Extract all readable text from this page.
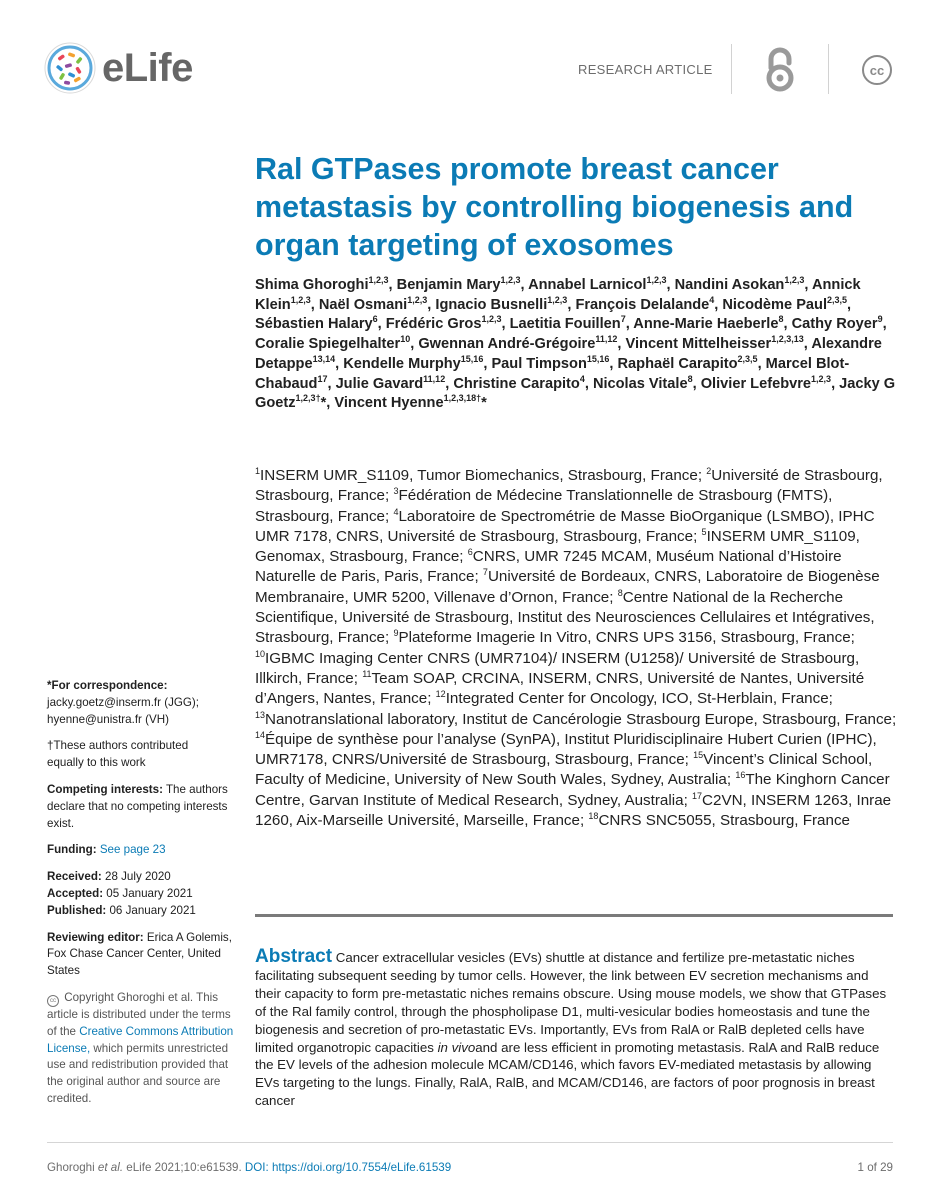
eLife	RESEARCH ARTICLE	cc
Ral GTPases promote breast cancer metastasis by controlling biogenesis and organ targeting of exosomes

Shima Ghoroghi$^{1,2,3}$, Benjamin Mary$^{1,2,3}$, Annabel Larnicol$^{1,2,3}$, Nandini Asokan$^{1,2,3}$, Annick Klein$^{1,2,3}$, Naël Osmani$^{1,2,3}$, Ignacio Busnelli$^{1,2,3}$, François Delalande$^4$, Nicodème Paul$^{2,3,5}$, Sébastien Halary$^6$, Frédéric Gros$^{1,2,3}$, Laetitia Fouillen$^7$, Anne-Marie Haeberle$^8$, Cathy Royer$^9$, Coralie Spiegelhalter$^{10}$, Gwennan André-Grégoire$^{11,12}$, Vincent Mittelheisser$^{1,2,3,13}$, Alexandre Detappe$^{13,14}$, Kendelle Murphy$^{15,16}$, Paul Timpson$^{15,16}$, Raphaël Carapito$^{2,3,5}$, Marcel Blot-Chabaud$^{17}$, Julie Gavard$^{11,12}$, Christine Carapito$^4$, Nicolas Vitale$^8$, Olivier Lefebvre$^{1,2,3}$, Jacky G Goetz$^{1,2,3\dagger}$*, Vincent Hyenne$^{1,2,3,18\dagger}$*

$^1$INSERM UMR_S1109, Tumor Biomechanics, Strasbourg, France; $^2$Université de Strasbourg, Strasbourg, France; $^3$Fédération de Médecine Translationnelle de Strasbourg (FMTS), Strasbourg, France; $^4$Laboratoire de Spectrométrie de Masse BioOrganique (LSMBO), IPHC UMR 7178, CNRS, Université de Strasbourg, Strasbourg, France; $^5$INSERM UMR_S1109, Genomax, Strasbourg, France; $^6$CNRS, UMR 7245 MCAM, Muséum National d’Histoire Naturelle de Paris, Paris, France; $^7$Université de Bordeaux, CNRS, Laboratoire de Biogenèse Membranaire, UMR 5200, Villenave d’Ornon, France; $^8$Centre National de la Recherche Scientifique, Université de Strasbourg, Institut des Neurosciences Cellulaires et Intégratives, Strasbourg, France; $^9$Plateforme Imagerie In Vitro, CNRS UPS 3156, Strasbourg, France; $^{10}$IGBMC Imaging Center CNRS (UMR7104)/ INSERM (U1258)/ Université de Strasbourg, Illkirch, France; $^{11}$Team SOAP, CRCINA, INSERM, CNRS, Université de Nantes, Université d’Angers, Nantes, France; $^{12}$Integrated Center for Oncology, ICO, St-Herblain, France; $^{13}$Nanotranslational laboratory, Institut de Cancérologie Strasbourg Europe, Strasbourg, France; $^{14}$Équipe de synthèse pour l’analyse (SynPA), Institut Pluridisciplinaire Hubert Curien (IPHC), UMR7178, CNRS/Université de Strasbourg, Strasbourg, France; $^{15}$Vincent’s Clinical School, Faculty of Medicine, University of New South Wales, Sydney, Australia; $^{16}$The Kinghorn Cancer Centre, Garvan Institute of Medical Research, Sydney, Australia; $^{17}$C2VN, INSERM 1263, Inrae 1260, Aix-Marseille Université, Marseille, France; $^{18}$CNRS SNC5055, Strasbourg, France

*For correspondence:
jacky.goetz@inserm.fr (JGG);
hyenne@unistra.fr (VH)

†These authors contributed
equally to this work

Competing interests: The authors declare that no competing interests exist.

Funding: See page 23

Received: 28 July 2020
Accepted: 05 January 2021
Published: 06 January 2021

Reviewing editor: Erica A Golemis, Fox Chase Cancer Center, United States

cc Copyright Ghoroghi et al. This article is distributed under the terms of the Creative Commons Attribution License, which permits unrestricted use and redistribution provided that the original author and source are credited.

Abstract Cancer extracellular vesicles (EVs) shuttle at distance and fertilize pre-metastatic niches facilitating subsequent seeding by tumor cells. However, the link between EV secretion mechanisms and their capacity to form pre-metastatic niches remains obscure. Using mouse models, we show that GTPases of the Ral family control, through the phospholipase D1, multi-vesicular bodies homeostasis and tune the biogenesis and secretion of pro-metastatic EVs. Importantly, EVs from RalA or RalB depleted cells have limited organotropic capacities in vivoand are less efficient in promoting metastasis. RalA and RalB reduce the EV levels of the adhesion molecule MCAM/CD146, which favors EV-mediated metastasis by allowing EVs targeting to the lungs. Finally, RalA, RalB, and MCAM/CD146, are factors of poor prognosis in breast cancer

Ghoroghi et al. eLife 2021;10:e61539. DOI: https://doi.org/10.7554/eLife.61539	1 of 29
